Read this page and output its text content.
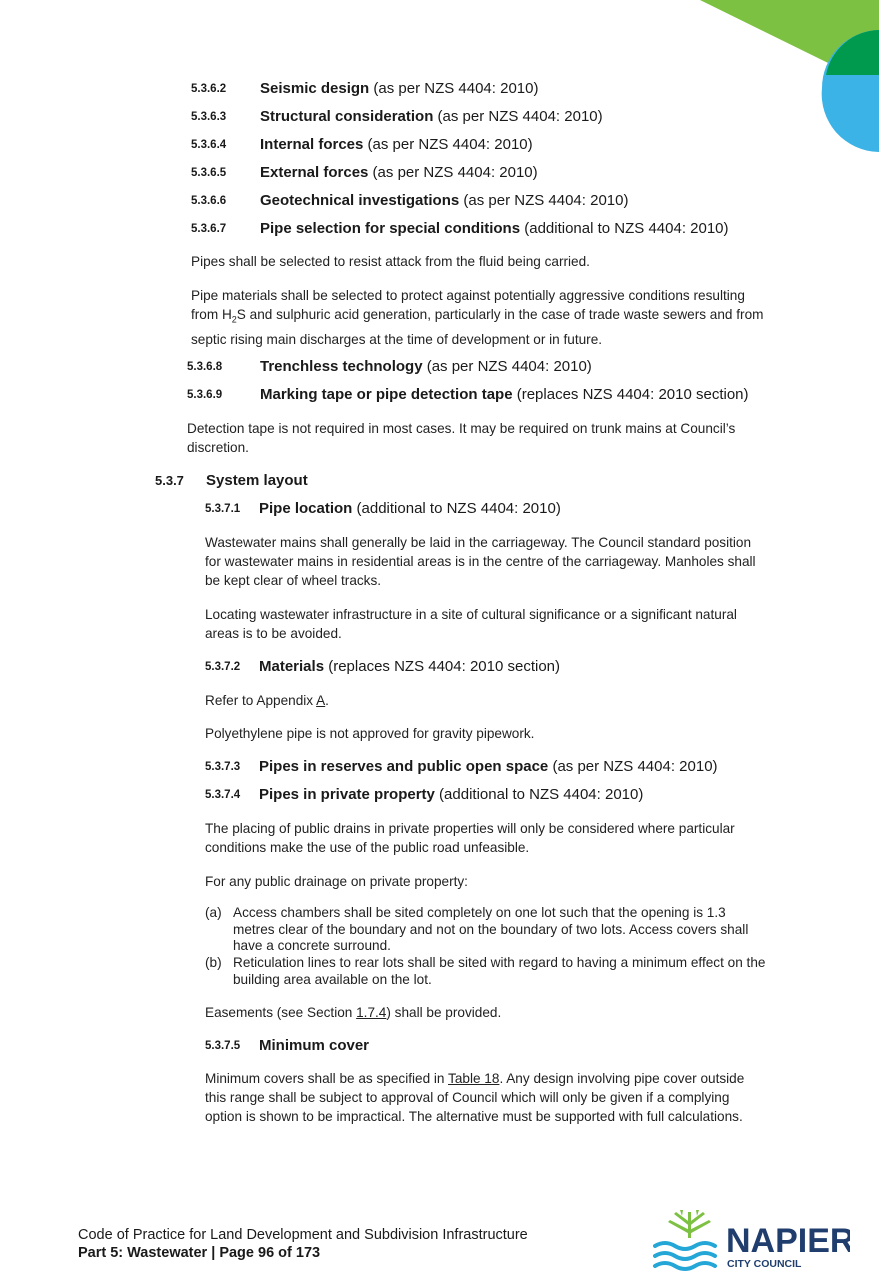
5.3.6.2 Seismic design (as per NZS 4404: 2010)
5.3.6.3 Structural consideration (as per NZS 4404: 2010)
5.3.6.4 Internal forces (as per NZS 4404: 2010)
5.3.6.5 External forces (as per NZS 4404: 2010)
5.3.6.6 Geotechnical investigations (as per NZS 4404: 2010)
5.3.6.7 Pipe selection for special conditions (additional to NZS 4404: 2010)

Pipes shall be selected to resist attack from the fluid being carried.

Pipe materials shall be selected to protect against potentially aggressive conditions resulting
from $H_2S$ and sulphuric acid generation, particularly in the case of trade waste sewers and from
septic rising main discharges at the time of development or in future.
5.3.6.8	Trenchless technology (as per NZS 4404: 2010)
5.3.6.9	Marking tape or pipe detection tape (replaces NZS 4404: 2010 section)
Detection tape is not required in most cases. It may be required on trunk mains at Council’s
discretion.
5.3.7 System layout
5.3.7.1 Pipe location (additional to NZS 4404: 2010)
Wastewater mains shall generally be laid in the carriageway. The Council standard position
for wastewater mains in residential areas is in the centre of the carriageway. Manholes shall
be kept clear of wheel tracks.
Locating wastewater infrastructure in a site of cultural significance or a significant natural
areas is to be avoided.
5.3.7.2 Materials (replaces NZS 4404: 2010 section)

Refer to Appendix A.

Polyethylene pipe is not approved for gravity pipework.

5.3.7.3 Pipes in reserves and public open space (as per NZS 4404: 2010)
5.3.7.4 Pipes in private property (additional to NZS 4404: 2010)
The placing of public drains in private properties will only be considered where particular
conditions make the use of the public road unfeasible.

For any public drainage on private property:

(a) Access chambers shall be sited completely on one lot such that the opening is 1.3
metres clear of the boundary and not on the boundary of two lots. Access covers shall
have a concrete surround.
(b) Reticulation lines to rear lots shall be sited with regard to having a minimum effect on the
building area available on the lot.

Easements (see Section 1.7.4) shall be provided.

5.3.7.5 Minimum cover
Minimum covers shall be as specified in Table 18. Any design involving pipe cover outside
this range shall be subject to approval of Council which will only be given if a complying
option is shown to be impractical. The alternative must be supported with full calculations.
Code of Practice for Land Development and Subdivision Infrastructure
Part 5: Wastewater | Page 96 of 173	NAPIER
CITY COUNCIL
